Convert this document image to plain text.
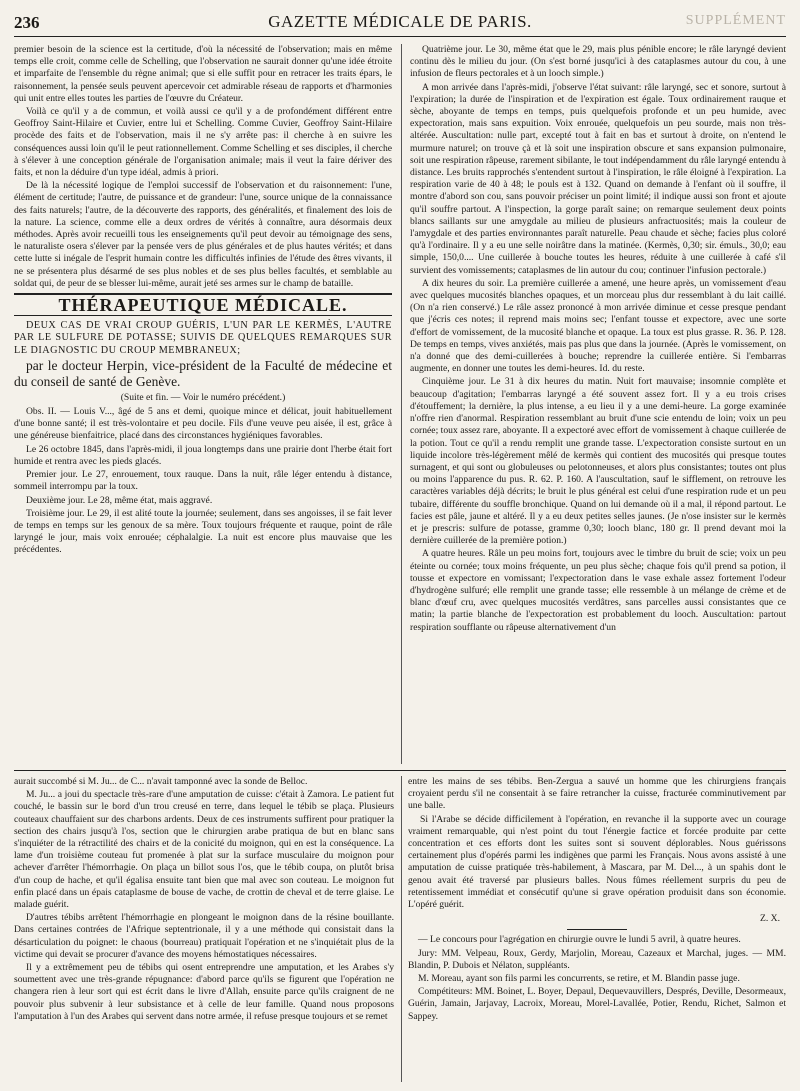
236	GAZETTE MÉDICALE DE PARIS.	SUPPLÉMENT

premier besoin de la science est la certitude, d'où la nécessité de l'observation; mais en même temps elle croit, comme celle de Schelling, que l'observation ne saurait donner qu'une idée étroite et imparfaite de l'ensemble du règne animal; que si elle suffit pour en retracer les traits épars, le raisonnement, la pensée seuls peuvent apercevoir cet admirable réseau de rapports et d'harmonies qui unit entre elles toutes les parties de l'œuvre du Créateur.

Voilà ce qu'il y a de commun, et voilà aussi ce qu'il y a de profondément différent entre Geoffroy Saint-Hilaire et Cuvier, entre lui et Schelling. Comme Cuvier, Geoffroy Saint-Hilaire procède des faits et de l'observation, mais il ne s'y arrête pas: il cherche à en suivre les conséquences aussi loin qu'il le peut rationnellement. Comme Schelling et ses disciples, il cherche à s'élever à une conception générale de l'organisation animale; mais il veut la faire dériver des faits, et non la déduire d'un type idéal, admis à priori.

De là la nécessité logique de l'emploi successif de l'observation et du raisonnement: l'une, élément de certitude; l'autre, de puissance et de grandeur: l'une, source unique de la connaissance des faits naturels; l'autre, de la découverte des rapports, des généralités, et finalement des lois de la nature. La science, comme elle a deux ordres de vérités à connaître, aura désormais deux méthodes. Après avoir recueilli tous les enseignements qu'il peut devoir au témoignage des sens, le naturaliste osera s'élever par la pensée vers de plus générales et de plus hautes vérités; et dans cette lutte si inégale de l'esprit humain contre les difficultés infinies de l'étude des êtres vivants, il ne se présentera plus désarmé de ses plus nobles et de ses plus belles facultés, et semblable au soldat qui, de peur de se blesser lui-même, aurait jeté ses armes sur le champ de bataille.

THÉRAPEUTIQUE MÉDICALE.

DEUX CAS DE VRAI CROUP GUÉRIS, L'UN PAR LE KERMÈS, L'AUTRE PAR LE SULFURE DE POTASSE; SUIVIS DE QUELQUES REMARQUES SUR LE DIAGNOSTIC DU CROUP MEMBRANEUX;

par le docteur Herpin, vice-président de la Faculté de médecine et du conseil de santé de Genève.

(Suite et fin. — Voir le numéro précédent.)

Obs. II. — Louis V..., âgé de 5 ans et demi, quoique mince et délicat, jouit habituellement d'une bonne santé; il est très-volontaire et peu docile. Fils d'une veuve peu aisée, il est, grâce à une généreuse bienfaitrice, placé dans des circonstances hygiéniques favorables.

Le 26 octobre 1845, dans l'après-midi, il joua longtemps dans une prairie dont l'herbe était fort humide et rentra avec les pieds glacés.

Premier jour. Le 27, enrouement, toux rauque. Dans la nuit, râle léger entendu à distance, sommeil interrompu par la toux.

Deuxième jour. Le 28, même état, mais aggravé.

Troisième jour. Le 29, il est alité toute la journée; seulement, dans ses angoisses, il se fait lever de temps en temps sur les genoux de sa mère. Toux toujours fréquente et rauque, point de râle laryngé le jour, mais voix enrouée; céphalalgie. La nuit est encore plus mauvaise que les précédentes.

Quatrième jour. Le 30, même état que le 29, mais plus pénible encore; le râle laryngé devient continu dès le milieu du jour. (On s'est borné jusqu'ici à des cataplasmes autour du cou, à une infusion de fleurs pectorales et à un looch simple.)

A mon arrivée dans l'après-midi, j'observe l'état suivant: râle laryngé, sec et sonore, surtout à l'expiration; la durée de l'inspiration et de l'expiration est égale. Toux ordinairement rauque et sèche, aboyante de temps en temps, puis quelquefois profonde et un peu humide, avec expectoration, mais sans expuition. Voix enrouée, quelquefois un peu sourde, mais non très-altérée. Auscultation: nulle part, excepté tout à fait en bas et surtout à droite, on n'entend le murmure naturel; on trouve çà et là soit une inspiration obscure et sans expansion pulmonaire, soit une respiration râpeuse, rarement sibilante, le tout indépendamment du râle laryngé entendu à distance. Les bruits rapprochés s'entendent surtout à l'inspiration, le râle éloigné à l'expiration. La respiration varie de 40 à 48; le pouls est à 132. Quand on demande à l'enfant où il souffre, il montre d'abord son cou, sans pouvoir préciser un point limité; il indique aussi son front et ajoute qu'il souffre partout. A l'inspection, la gorge paraît saine; on remarque seulement deux points blancs saillants sur une amygdale au milieu de plusieurs anfractuosités; mais la couleur de l'amygdale et des parties environnantes paraît naturelle. Peau chaude et sèche; facies plus coloré qu'à l'ordinaire. Il y a eu une selle noirâtre dans la matinée. (Kermès, 0,30; sir. émuls., 30,0; eau simple, 150,0.... Une cuillerée à bouche toutes les heures, réduite à une cuillerée à café s'il survient des vomissements; cataplasmes de lin autour du cou; continuer l'infusion pectorale.)

A dix heures du soir. La première cuillerée a amené, une heure après, un vomissement d'eau avec quelques mucosités blanches opaques, et un morceau plus dur ressemblant à du lait caillé. (On n'a rien conservé.) Le râle assez prononcé à mon arrivée diminue et cesse presque pendant que j'écris ces notes; il reprend mais moins sec; l'enfant tousse et expectore, avec une sorte d'effort de vomissement, de la mucosité blanche et opaque. La toux est plus grasse. R. 36. P. 128. De temps en temps, vives anxiétés, mais pas plus que dans la journée. (Après le vomissement, on n'a donné que des demi-cuillerées à bouche; reprendre la cuillerée entière. Si l'embarras augmente, en donner une toutes les demi-heures. Id. du reste.

Cinquième jour. Le 31 à dix heures du matin. Nuit fort mauvaise; insomnie complète et beaucoup d'agitation; l'embarras laryngé a été souvent assez fort. Il y a eu trois crises d'étouffement; la dernière, la plus intense, a eu lieu il y a une demi-heure. La gorge examinée n'offre rien d'anormal. Respiration ressemblant au bruit d'une scie entendu de loin; voix un peu cornée; toux assez rare, aboyante. Il a expectoré avec effort de vomissement à chaque cuillerée de la potion. Tout ce qu'il a rendu remplit une grande tasse. L'expectoration consiste surtout en un liquide incolore très-légèrement mêlé de kermès qui contient des mucosités qui presque toutes surnagent, et qui sont ou globuleuses ou pelotonneuses, et alors plus consistantes; toutes ont plus ou moins l'apparence du pus. R. 62. P. 160. A l'auscultation, sauf le sifflement, on retrouve les caractères variables déjà décrits; le bruit le plus général est celui d'une respiration rude et un peu tubaire, différente du souffle bronchique. Quand on lui demande où il a mal, il répond partout. Le facies est pâle, jaune et altéré. Il y a eu deux petites selles jaunes. (Je n'ose insister sur le kermès et je prescris: sulfure de potasse, gramme 0,30; looch blanc, 180 gr. Il prend devant moi la dernière cuillerée de la première potion.)

A quatre heures. Râle un peu moins fort, toujours avec le timbre du bruit de scie; voix un peu éteinte ou cornée; toux moins fréquente, un peu plus sèche; chaque fois qu'il prend sa potion, il tousse et expectore en vomissant; l'expectoration dans le vase exhale assez fortement l'odeur d'hydrogène sulfuré; elle remplit une grande tasse; elle ressemble à un mélange de crème et de blanc d'œuf cru, avec quelques mucosités verdâtres, sans parcelles aussi consistantes que ce matin; la partie blanche de l'expectoration est probablement du looch. Auscultation: partout respiration soufflante ou râpeuse alternativement d'un

aurait succombé si M. Ju... de C... n'avait tamponné avec la sonde de Belloc.

M. Ju... a joui du spectacle très-rare d'une amputation de cuisse: c'était à Zamora. Le patient fut couché, le bassin sur le bord d'un trou creusé en terre, dans lequel le tébib se plaça. Plusieurs couteaux chauffaient sur des charbons ardents. Deux de ces instruments suffirent pour pratiquer la section des chairs jusqu'à l'os, section que le chirurgien arabe pratiqua de but en blanc sans s'inquiéter de la rétractilité des chairs et de la conicité du moignon, qui en est la conséquence. La lame d'un troisième couteau fut promenée à plat sur la surface musculaire du moignon pour achever d'arrêter l'hémorrhagie. On plaça un billot sous l'os, que le tébib coupa, on plutôt brisa d'un coup de hache, et qu'il égalisa ensuite tant bien que mal avec son couteau. Le moignon fut enfin placé dans un épais cataplasme de bouse de vache, de crottin de cheval et de terre glaise. Le malade guérit.

D'autres tébibs arrêtent l'hémorrhagie en plongeant le moignon dans de la résine bouillante. Dans certaines contrées de l'Afrique septentrionale, il y a une méthode qui consistait dans la désarticulation du poignet: le chaous (bourreau) pratiquait l'opération et ne s'inquiétait plus de la victime qui devait se procurer d'avance des moyens hémostatiques nécessaires.

Il y a extrêmement peu de tébibs qui osent entreprendre une amputation, et les Arabes s'y soumettent avec une très-grande répugnance: d'abord parce qu'ils se figurent que l'opération ne changera rien à leur sort qui est écrit dans le livre d'Allah, ensuite parce qu'ils craignent de ne pouvoir plus subvenir à leur subsistance et à celle de leur famille. Quand nous proposons l'amputation à l'un des Arabes qui servent dans notre armée, il refuse presque toujours et se remet

entre les mains de ses tébibs. Ben-Zergua a sauvé un homme que les chirurgiens français croyaient perdu s'il ne consentait à se faire retrancher la cuisse, fracturée comminutivement par une balle.

Si l'Arabe se décide difficilement à l'opération, en revanche il la supporte avec un courage vraiment remarquable, qui n'est point du tout l'énergie factice et forcée produite par cette concentration et ces efforts dont les suites sont si souvent déplorables. Nous guérissons certainement plus d'opérés parmi les indigènes que parmi les Français. Nous avons assisté à une amputation de cuisse pratiquée très-habilement, à Mascara, par M. Del..., à un spahis dont le genou avait été traversé par plusieurs balles. Nous fûmes réellement surpris du peu de retentissement immédiat et consécutif qu'une si grave opération produisit dans son économie. L'opéré guérit.

Z. X.

— Le concours pour l'agrégation en chirurgie ouvre le lundi 5 avril, à quatre heures.

Jury: MM. Velpeau, Roux, Gerdy, Marjolin, Moreau, Cazeaux et Marchal, juges. — MM. Blandin, P. Dubois et Nélaton, suppléants.

M. Moreau, ayant son fils parmi les concurrents, se retire, et M. Blandin passe juge.

Compétiteurs: MM. Boinet, L. Boyer, Depaul, Dequevauvillers, Després, Deville, Desormeaux, Guérin, Jamain, Jarjavay, Lacroix, Moreau, Morel-Lavallée, Potier, Rendu, Richet, Salmon et Sappey.
